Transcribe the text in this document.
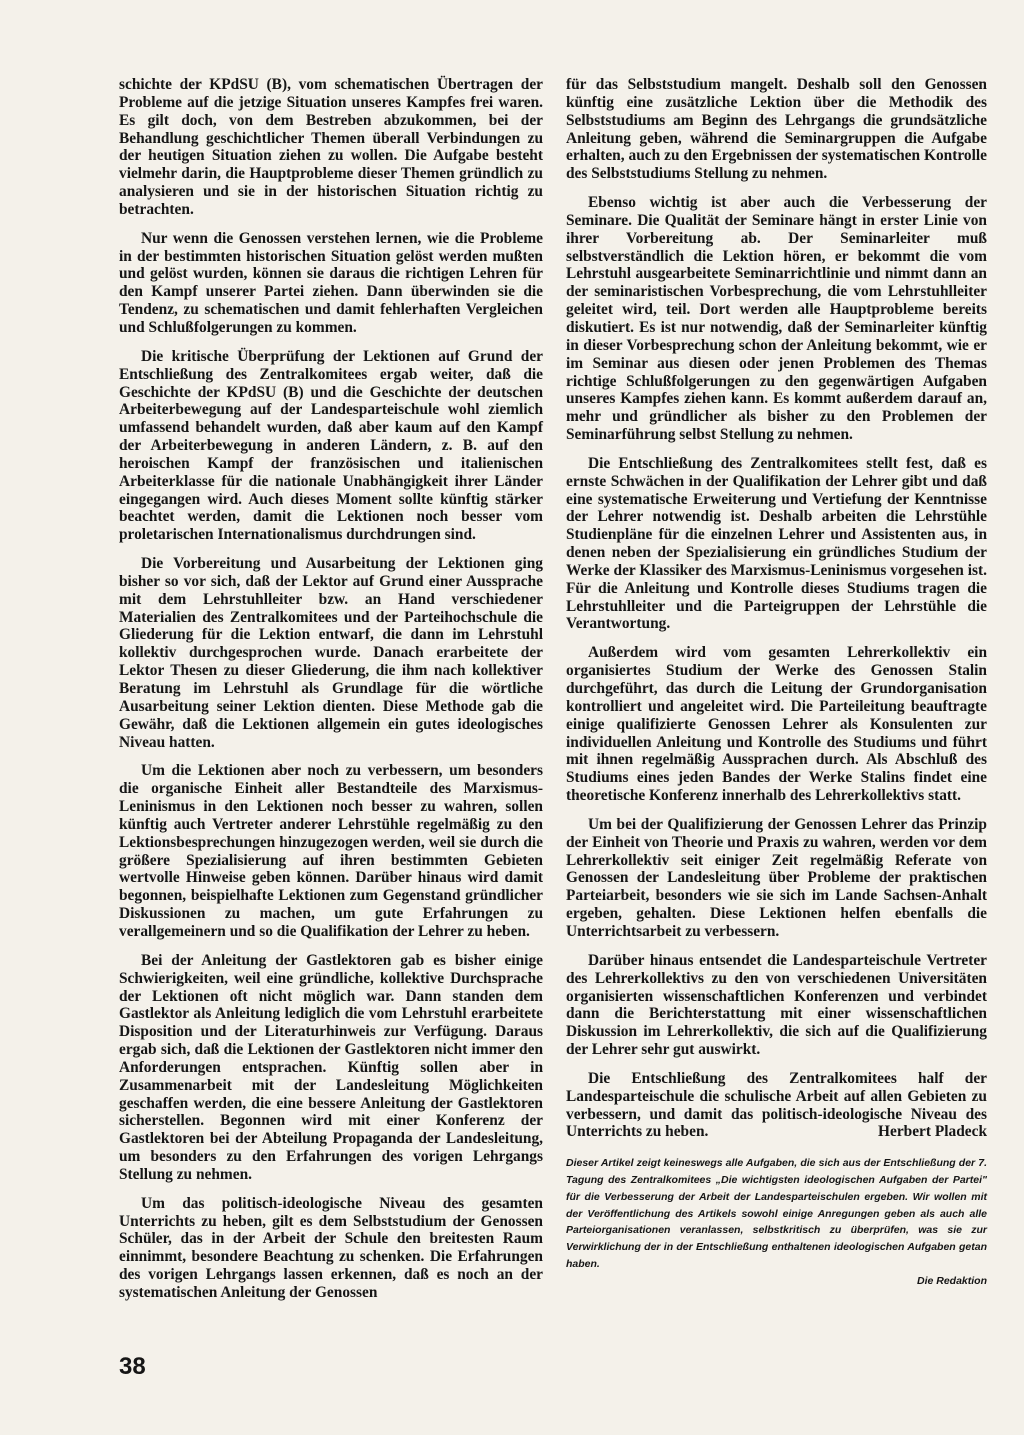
schichte der KPdSU (B), vom schematischen Übertragen der Probleme auf die jetzige Situation unseres Kampfes frei waren. Es gilt doch, von dem Bestreben abzukommen, bei der Behandlung geschichtlicher Themen überall Verbindungen zu der heutigen Situation ziehen zu wollen. Die Aufgabe besteht vielmehr darin, die Hauptprobleme dieser Themen gründlich zu analysieren und sie in der historischen Situation richtig zu betrachten.

Nur wenn die Genossen verstehen lernen, wie die Probleme in der bestimmten historischen Situation gelöst werden mußten und gelöst wurden, können sie daraus die richtigen Lehren für den Kampf unserer Partei ziehen. Dann überwinden sie die Tendenz, zu schematischen und damit fehlerhaften Vergleichen und Schlußfolgerungen zu kommen.

Die kritische Überprüfung der Lektionen auf Grund der Entschließung des Zentralkomitees ergab weiter, daß die Geschichte der KPdSU (B) und die Geschichte der deutschen Arbeiterbewegung auf der Landesparteischule wohl ziemlich umfassend behandelt wurden, daß aber kaum auf den Kampf der Arbeiterbewegung in anderen Ländern, z. B. auf den heroischen Kampf der französischen und italienischen Arbeiterklasse für die nationale Unabhängigkeit ihrer Länder eingegangen wird. Auch dieses Moment sollte künftig stärker beachtet werden, damit die Lektionen noch besser vom proletarischen Internationalismus durchdrungen sind.

Die Vorbereitung und Ausarbeitung der Lektionen ging bisher so vor sich, daß der Lektor auf Grund einer Aussprache mit dem Lehrstuhlleiter bzw. an Hand verschiedener Materialien des Zentralkomitees und der Parteihochschule die Gliederung für die Lektion entwarf, die dann im Lehrstuhl kollektiv durchgesprochen wurde. Danach erarbeitete der Lektor Thesen zu dieser Gliederung, die ihm nach kollektiver Beratung im Lehrstuhl als Grundlage für die wörtliche Ausarbeitung seiner Lektion dienten. Diese Methode gab die Gewähr, daß die Lektionen allgemein ein gutes ideologisches Niveau hatten.

Um die Lektionen aber noch zu verbessern, um besonders die organische Einheit aller Bestandteile des Marxismus-Leninismus in den Lektionen noch besser zu wahren, sollen künftig auch Vertreter anderer Lehrstühle regelmäßig zu den Lektionsbesprechungen hinzugezogen werden, weil sie durch die größere Spezialisierung auf ihren bestimmten Gebieten wertvolle Hinweise geben können. Darüber hinaus wird damit begonnen, beispielhafte Lektionen zum Gegenstand gründlicher Diskussionen zu machen, um gute Erfahrungen zu verallgemeinern und so die Qualifikation der Lehrer zu heben.

Bei der Anleitung der Gastlektoren gab es bisher einige Schwierigkeiten, weil eine gründliche, kollektive Durchsprache der Lektionen oft nicht möglich war. Dann standen dem Gastlektor als Anleitung lediglich die vom Lehrstuhl erarbeitete Disposition und der Literaturhinweis zur Verfügung. Daraus ergab sich, daß die Lektionen der Gastlektoren nicht immer den Anforderungen entsprachen. Künftig sollen aber in Zusammenarbeit mit der Landesleitung Möglichkeiten geschaffen werden, die eine bessere Anleitung der Gastlektoren sicherstellen. Begonnen wird mit einer Konferenz der Gastlektoren bei der Abteilung Propaganda der Landesleitung, um besonders zu den Erfahrungen des vorigen Lehrgangs Stellung zu nehmen.

Um das politisch-ideologische Niveau des gesamten Unterrichts zu heben, gilt es dem Selbststudium der Genossen Schüler, das in der Arbeit der Schule den breitesten Raum einnimmt, besondere Beachtung zu schenken. Die Erfahrungen des vorigen Lehrgangs lassen erkennen, daß es noch an der systematischen Anleitung der Genossen

für das Selbststudium mangelt. Deshalb soll den Genossen künftig eine zusätzliche Lektion über die Methodik des Selbststudiums am Beginn des Lehrgangs die grundsätzliche Anleitung geben, während die Seminargruppen die Aufgabe erhalten, auch zu den Ergebnissen der systematischen Kontrolle des Selbststudiums Stellung zu nehmen.

Ebenso wichtig ist aber auch die Verbesserung der Seminare. Die Qualität der Seminare hängt in erster Linie von ihrer Vorbereitung ab. Der Seminarleiter muß selbstverständlich die Lektion hören, er bekommt die vom Lehrstuhl ausgearbeitete Seminarrichtlinie und nimmt dann an der seminaristischen Vorbesprechung, die vom Lehrstuhlleiter geleitet wird, teil. Dort werden alle Hauptprobleme bereits diskutiert. Es ist nur notwendig, daß der Seminarleiter künftig in dieser Vorbesprechung schon der Anleitung bekommt, wie er im Seminar aus diesen oder jenen Problemen des Themas richtige Schlußfolgerungen zu den gegenwärtigen Aufgaben unseres Kampfes ziehen kann. Es kommt außerdem darauf an, mehr und gründlicher als bisher zu den Problemen der Seminarführung selbst Stellung zu nehmen.

Die Entschließung des Zentralkomitees stellt fest, daß es ernste Schwächen in der Qualifikation der Lehrer gibt und daß eine systematische Erweiterung und Vertiefung der Kenntnisse der Lehrer notwendig ist. Deshalb arbeiten die Lehrstühle Studienpläne für die einzelnen Lehrer und Assistenten aus, in denen neben der Spezialisierung ein gründliches Studium der Werke der Klassiker des Marxismus-Leninismus vorgesehen ist. Für die Anleitung und Kontrolle dieses Studiums tragen die Lehrstuhlleiter und die Parteigruppen der Lehrstühle die Verantwortung.

Außerdem wird vom gesamten Lehrerkollektiv ein organisiertes Studium der Werke des Genossen Stalin durchgeführt, das durch die Leitung der Grundorganisation kontrolliert und angeleitet wird. Die Parteileitung beauftragte einige qualifizierte Genossen Lehrer als Konsulenten zur individuellen Anleitung und Kontrolle des Studiums und führt mit ihnen regelmäßig Aussprachen durch. Als Abschluß des Studiums eines jeden Bandes der Werke Stalins findet eine theoretische Konferenz innerhalb des Lehrerkollektivs statt.

Um bei der Qualifizierung der Genossen Lehrer das Prinzip der Einheit von Theorie und Praxis zu wahren, werden vor dem Lehrerkollektiv seit einiger Zeit regelmäßig Referate von Genossen der Landesleitung über Probleme der praktischen Parteiarbeit, besonders wie sie sich im Lande Sachsen-Anhalt ergeben, gehalten. Diese Lektionen helfen ebenfalls die Unterrichtsarbeit zu verbessern.

Darüber hinaus entsendet die Landesparteischule Vertreter des Lehrerkollektivs zu den von verschiedenen Universitäten organisierten wissenschaftlichen Konferenzen und verbindet dann die Berichterstattung mit einer wissenschaftlichen Diskussion im Lehrerkollektiv, die sich auf die Qualifizierung der Lehrer sehr gut auswirkt.

Die Entschließung des Zentralkomitees half der Landesparteischule die schulische Arbeit auf allen Gebieten zu verbessern, und damit das politisch-ideologische Niveau des Unterrichts zu heben.	Herbert Pladeck

Dieser Artikel zeigt keineswegs alle Aufgaben, die sich aus der Entschließung der 7. Tagung des Zentralkomitees „Die wichtigsten ideologischen Aufgaben der Partei" für die Verbesserung der Arbeit der Landesparteischulen ergeben. Wir wollen mit der Veröffentlichung des Artikels sowohl einige Anregungen geben als auch alle Parteiorganisationen veranlassen, selbstkritisch zu überprüfen, was sie zur Verwirklichung der in der Entschließung enthaltenen ideologischen Aufgaben getan haben.

Die Redaktion

38
